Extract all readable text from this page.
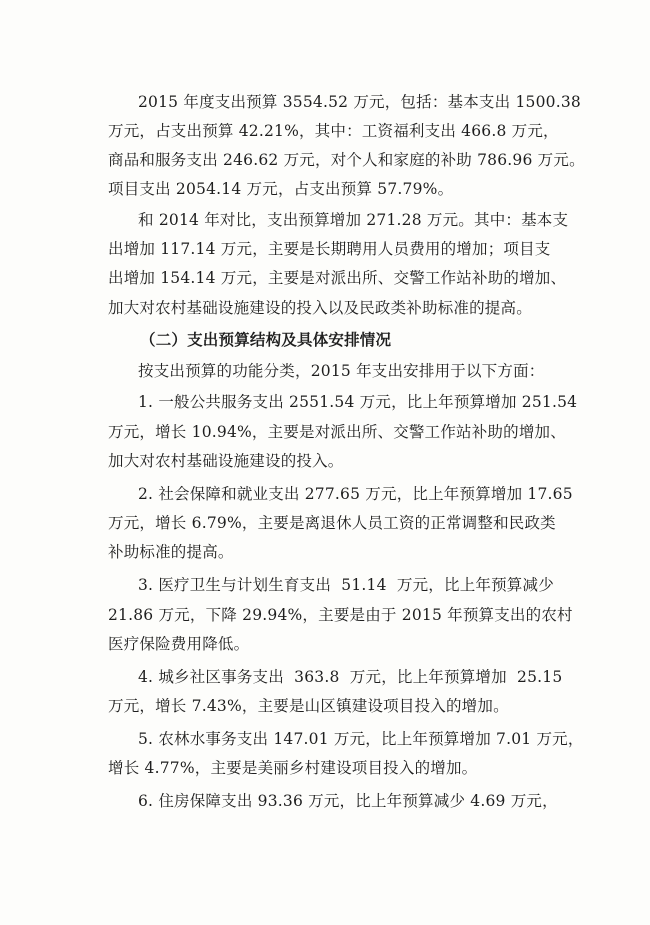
2015 年度支出预算 3554.52 万元，包括：基本支出 1500.38
万元，占支出预算 42.21%，其中：工资福利支出 466.8 万元，
商品和服务支出 246.62 万元，对个人和家庭的补助 786.96 万元。
项目支出 2054.14 万元，占支出预算 57.79%。
和 2014 年对比，支出预算增加 271.28 万元。其中：基本支
出增加 117.14 万元，主要是长期聘用人员费用的增加；项目支
出增加 154.14 万元，主要是对派出所、交警工作站补助的增加、
加大对农村基础设施建设的投入以及民政类补助标准的提高。
（二）支出预算结构及具体安排情况
按支出预算的功能分类，2015 年支出安排用于以下方面：
1. 一般公共服务支出 2551.54 万元，比上年预算增加 251.54
万元，增长 10.94%，主要是对派出所、交警工作站补助的增加、
加大对农村基础设施建设的投入。
2. 社会保障和就业支出 277.65 万元，比上年预算增加 17.65
万元，增长 6.79%，主要是离退休人员工资的正常调整和民政类
补助标准的提高。
3. 医疗卫生与计划生育支出  51.14  万元，比上年预算减少
21.86 万元，下降 29.94%，主要是由于 2015 年预算支出的农村
医疗保险费用降低。
4. 城乡社区事务支出  363.8  万元，比上年预算增加  25.15
万元，增长 7.43%，主要是山区镇建设项目投入的增加。
5. 农林水事务支出 147.01 万元，比上年预算增加 7.01 万元，
增长 4.77%，主要是美丽乡村建设项目投入的增加。
6. 住房保障支出 93.36 万元，比上年预算减少 4.69 万元，
